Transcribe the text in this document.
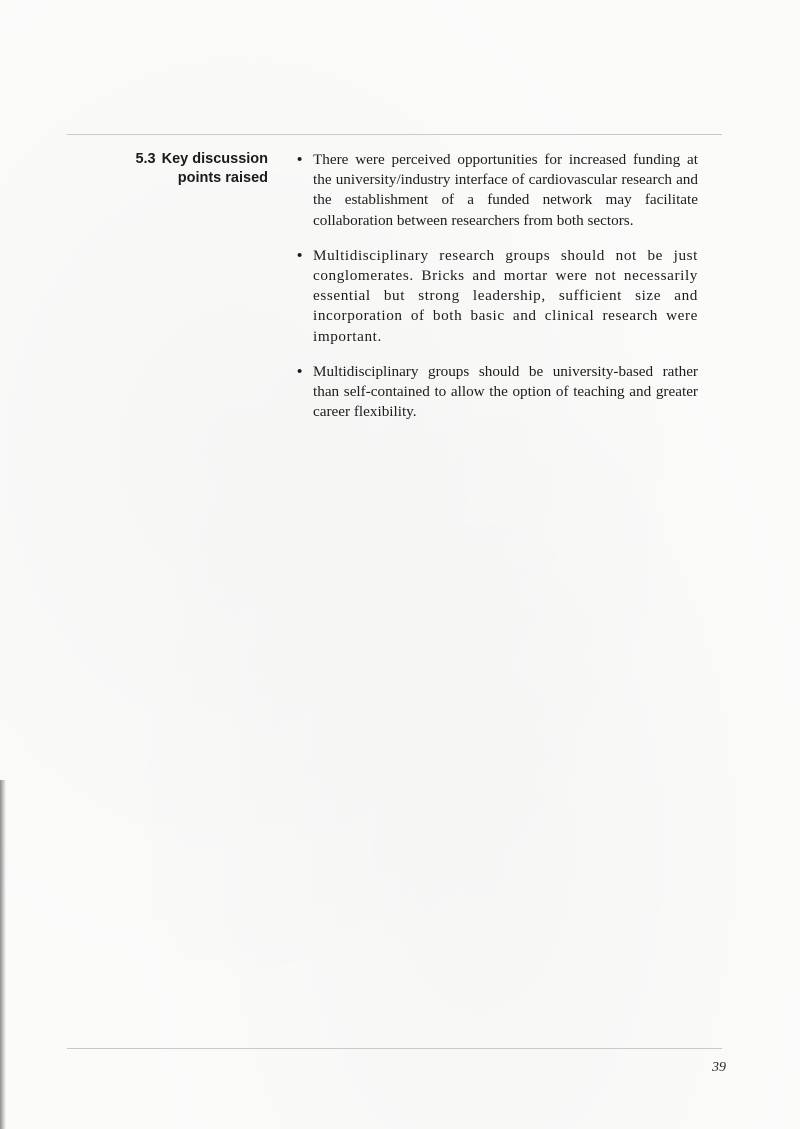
5.3 Key discussion
points raised
• There were perceived opportunities for increased funding at the university/industry interface of cardiovascular research and the establishment of a funded network may facilitate collaboration between researchers from both sectors.
• Multidisciplinary research groups should not be just conglomerates. Bricks and mortar were not necessarily essential but strong leadership, sufficient size and incorporation of both basic and clinical research were important.
• Multidisciplinary groups should be university-based rather than self-contained to allow the option of teaching and greater career flexibility.
39
